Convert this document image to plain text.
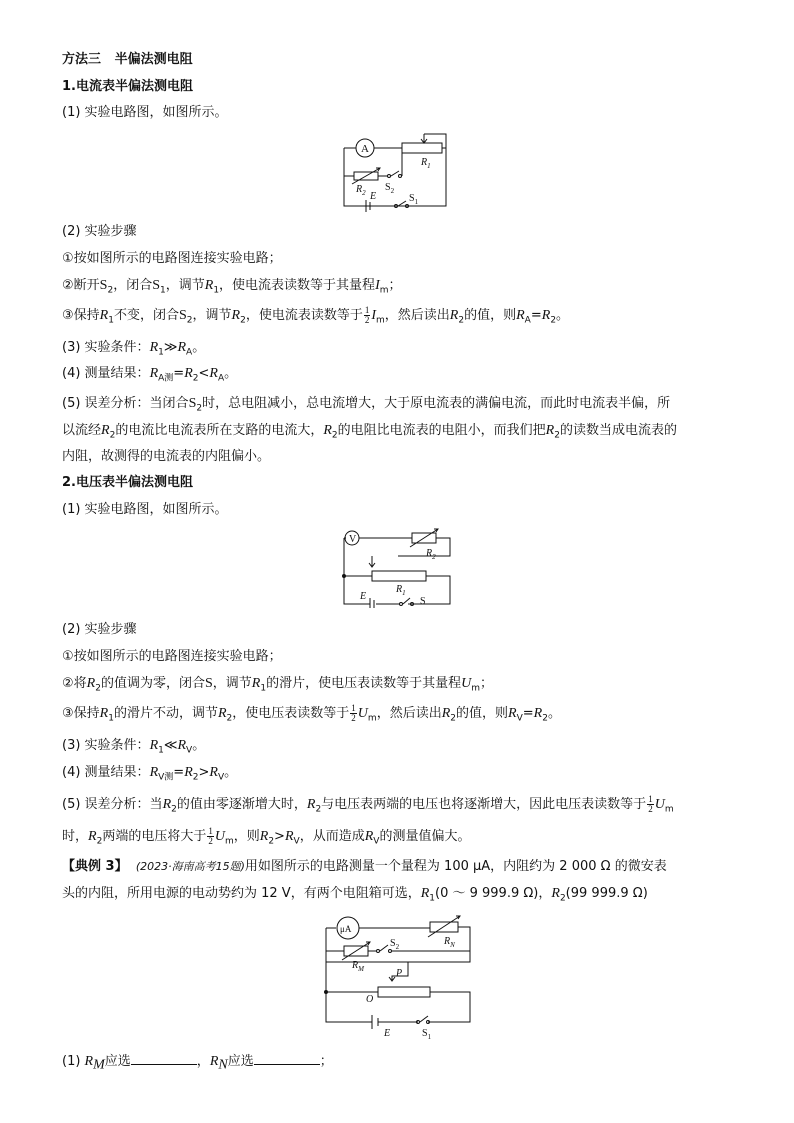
方法三 半偏法测电阻
1.电流表半偏法测电阻
(1) 实验电路图，如图所示。
A
$R_1$
$R_2$ $S_2$
E	$S_1$
(2) 实验步骤
①按如图所示的电路图连接实验电路；
②断开$S_2$，闭合$S_1$，调节$R_1$，使电流表读数等于其量程$I_m$；
③保持$R_1$不变，闭合$S_2$，调节$R_2$，使电流表读数等于 $\frac{1}{2} I_m$，然后读出$R_2$的值，则$R_A=R_2$。
(3) 实验条件：$R_1≫R_A$。
(4) 测量结果：$R_{A测}=R_2<R_A$。
(5) 误差分析：当闭合$S_2$时，总电阻减小，总电流增大，大于原电流表的满偏电流，而此时电流表半偏，所
以流经$R_2$的电流比电流表所在支路的电流大，$R_2$的电阻比电流表的电阻小，而我们把$R_2$的读数当成电流表的
内阻，故测得的电流表的内阻偏小。
2.电压表半偏法测电阻
(1) 实验电路图，如图所示。
V
$R_1$
$R_2$
E	S
(2) 实验步骤
①按如图所示的电路图连接实验电路；
②将$R_2$的值调为零，闭合S，调节$R_1$的滑片，使电压表读数等于其量程$U_m$；
③保持$R_1$的滑片不动，调节$R_2$，使电压表读数等于 $\frac{1}{2} U_m$，然后读出$R_2$的值，则$R_V=R_2$。
(3) 实验条件：$R_1≪R_V$。
(4) 测量结果：$R_{V测}=R_2>R_V$。
(5) 误差分析：当$R_2$的值由零逐渐增大时，$R_2$与电压表两端的电压也将逐渐增大，因此电压表读数等于 $\frac{1}{2} U_m$
时，$R_2$两端的电压将大于 $\frac{1}{2} U_m$，则$R_2>R_V$，从而造成$R_V$的测量值偏大。
【典例 3】 (2023·海南高考15题)用如图所示的电路测量一个量程为 100 μA，内阻约为 2 000 Ω 的微安表
头的内阻，所用电源的电动势约为 12 V，有两个电阻箱可选，$R_1(0$ ～ 9 999.9 Ω)，$R_2(99$ 999.9 Ω)
μA
$R_N$
$R_M$
$S_2$
P
O
E	$S_1$
(1) $R_M$应选	，$R_N$应选	；
